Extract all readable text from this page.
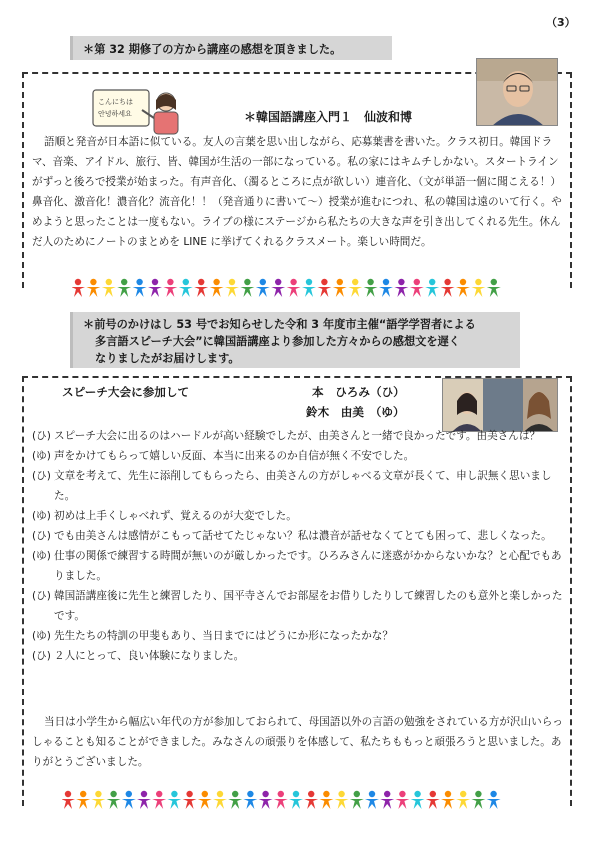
（3）
＊第 32 期修了の方から講座の感想を頂きました。
こんにちは
안녕하세요	＊韓国語講座入門１　仙波和博
語順と発音が日本語に似ている。友人の言葉を思い出しながら、応募葉書を書いた。クラス初日。韓国ドラマ、音楽、アイドル、旅行、皆、韓国が生活の一部になっている。私の家にはキムチしかない。スタートラインがずっと後ろで授業が始まった。有声音化、（濁るところに点が欲しい）連音化、（文が単語一個に聞こえる！）鼻音化、激音化！濃音化？流音化！！（発音通りに書いて〜）授業が進むにつれ、私の韓国は遠のいて行く。やめようと思ったことは一度もない。ライブの様にステージから私たちの大きな声を引き出してくれる先生。休んだ人のためにノートのまとめを LINE に挙げてくれるクラスメート。楽しい時間だ。
＊前号のかけはし 53 号でお知らせした令和 3 年度市主催“語学学習者による
多言語スピーチ大会”に韓国語講座より参加した方々からの感想文を遅く
なりましたがお届けします。
スピーチ大会に参加して	本　ひろみ（ひ）
鈴木　由美　（ゆ）
(ひ) スピーチ大会に出るのはハードルが高い経験でしたが、由美さんと一緒で良かったです。由美さんは？
(ゆ) 声をかけてもらって嬉しい反面、本当に出来るのか自信が無く不安でした。
(ひ) 文章を考えて、先生に添削してもらったら、由美さんの方がしゃべる文章が長くて、申し訳無く思いました。
(ゆ) 初めは上手くしゃべれず、覚えるのが大変でした。
(ひ) でも由美さんは感情がこもって話せてたじゃない？私は濃音が話せなくてとても困って、悲しくなった。
(ゆ) 仕事の関係で練習する時間が無いのが厳しかったです。ひろみさんに迷惑がかからないかな？と心配でもありました。
(ひ) 韓国語講座後に先生と練習したり、国平寺さんでお部屋をお借りしたりして練習したのも意外と楽しかったです。
(ゆ) 先生たちの特訓の甲斐もあり、当日までにはどうにか形になったかな？
(ひ) ２人にとって、良い体験になりました。
当日は小学生から幅広い年代の方が参加しておられて、母国語以外の言語の勉強をされている方が沢山いらっしゃることも知ることができました。みなさんの頑張りを体感して、私たちももっと頑張ろうと思いました。ありがとうございました。
